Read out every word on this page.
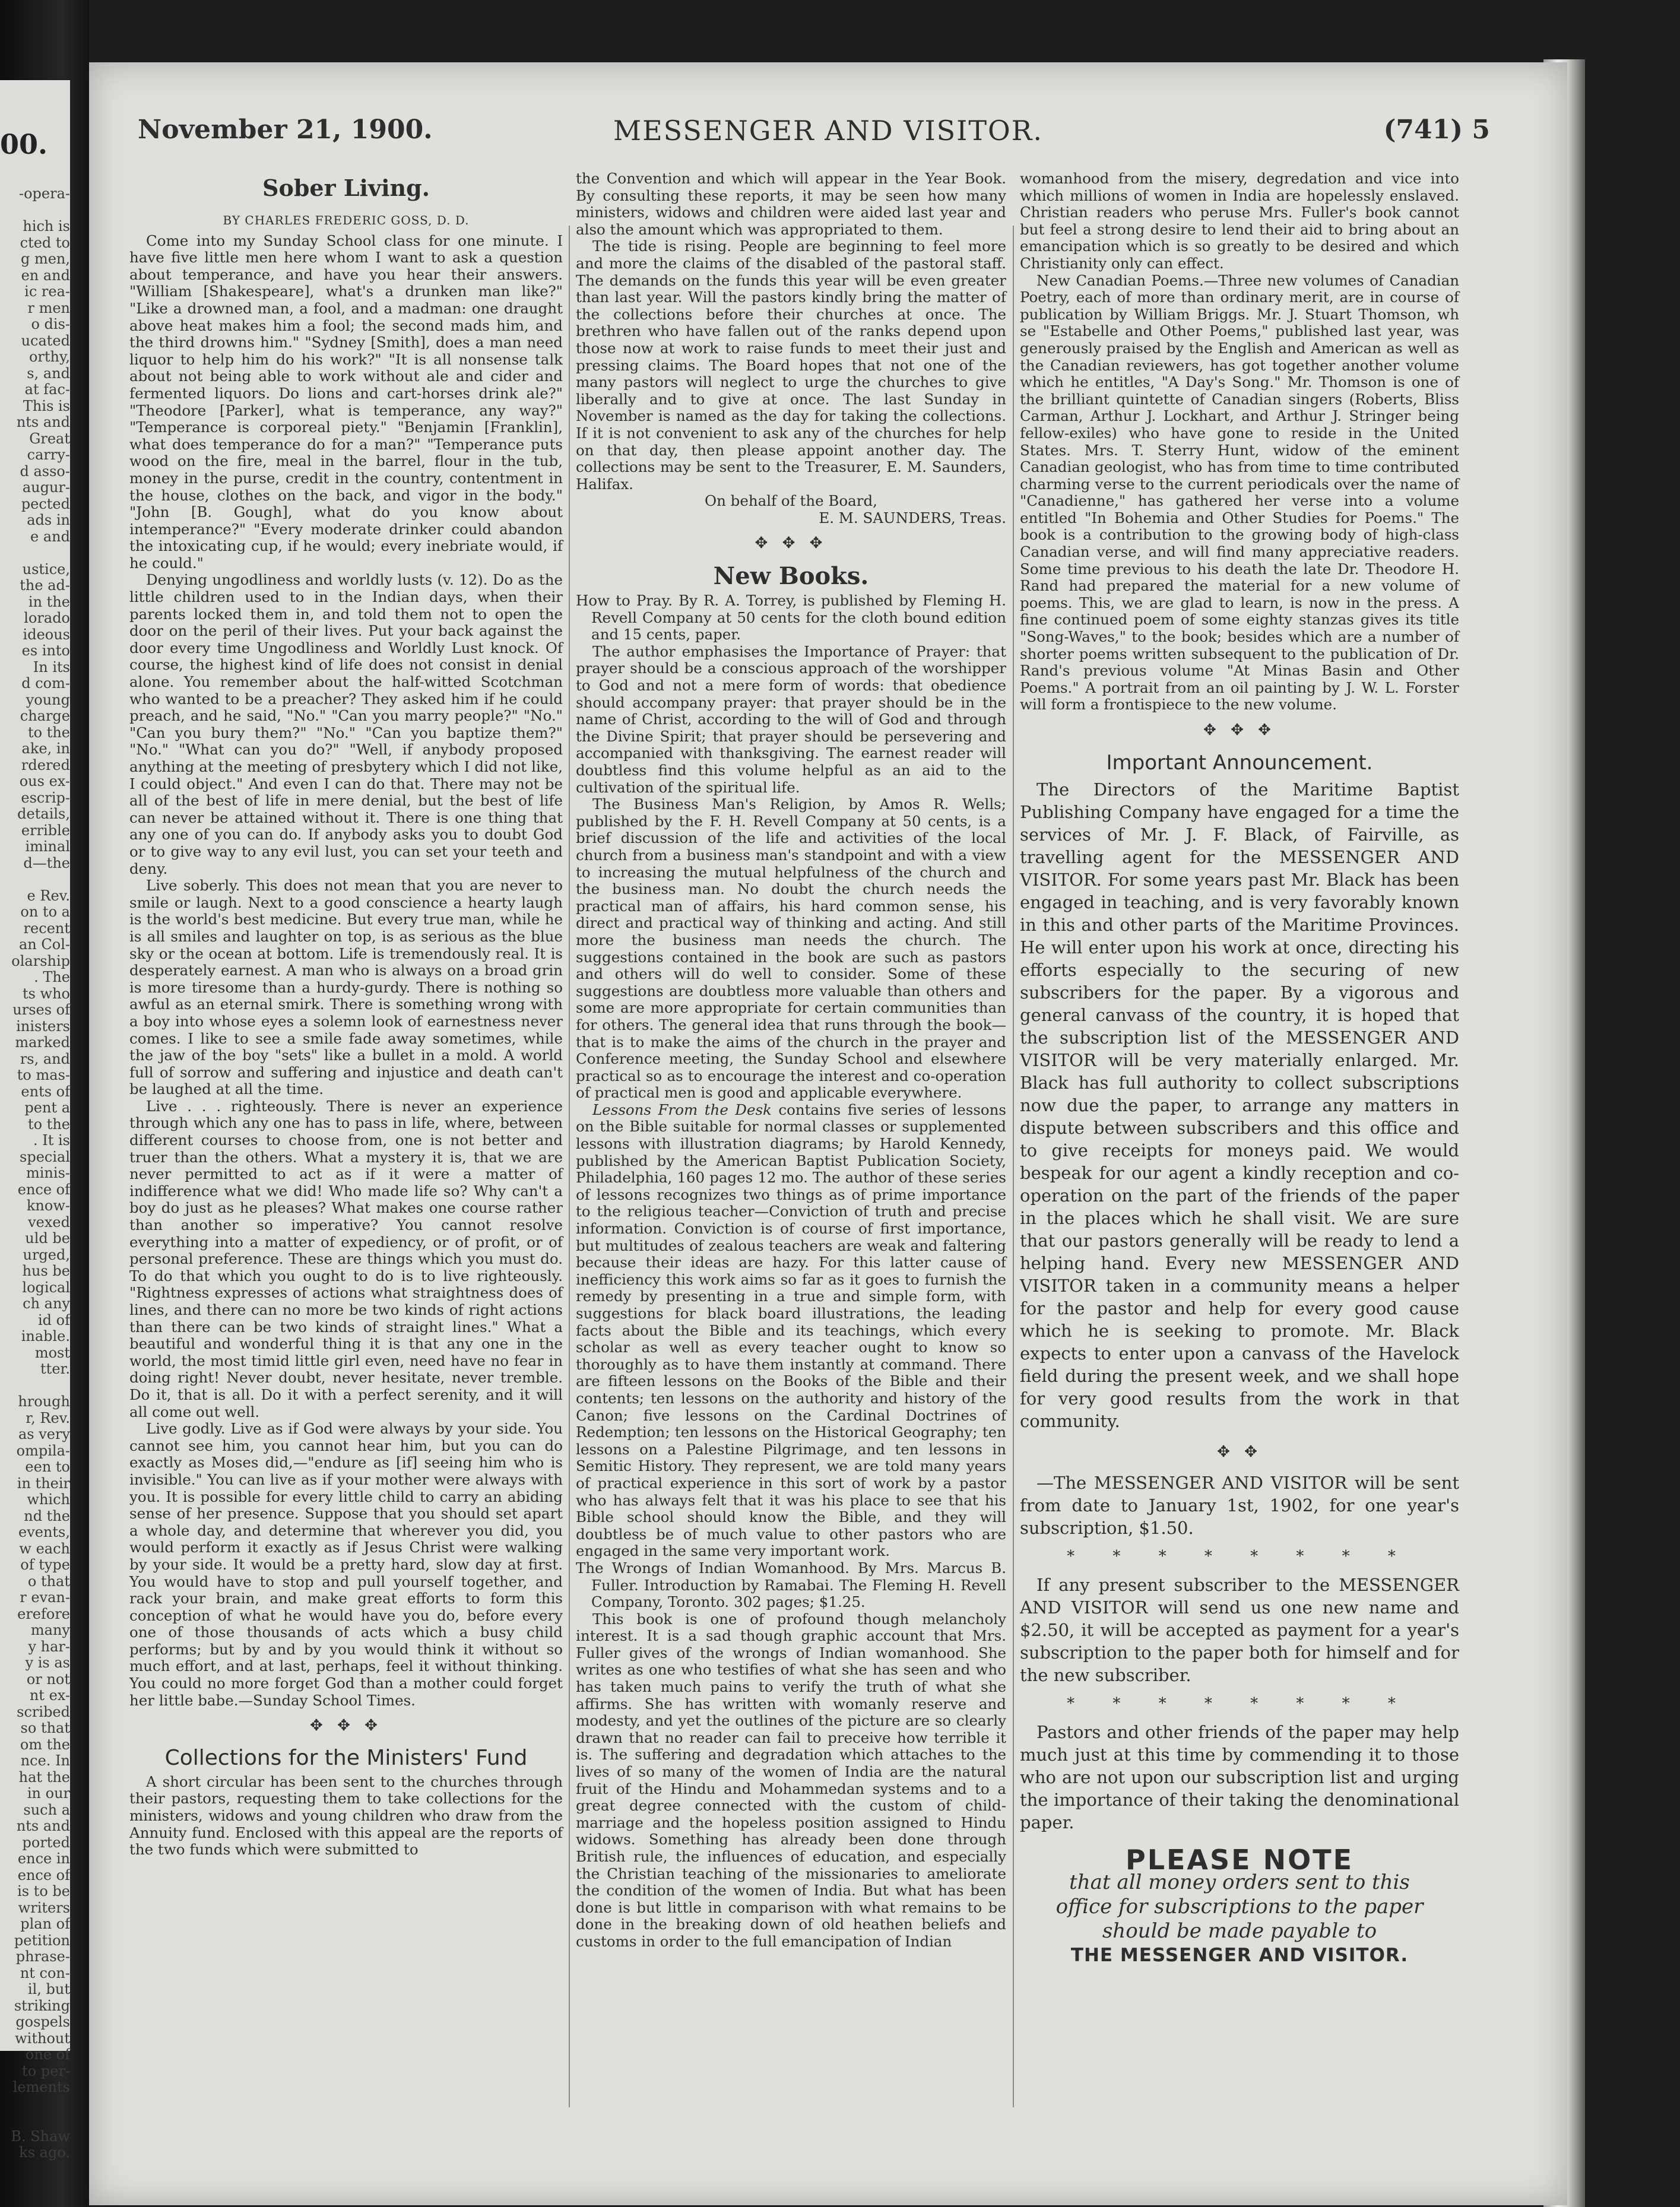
00.
-opera-

hich is
cted to
g men,
en and
ic rea-
r men
o dis-
ucated
orthy,
s, and
at fac-
This is
nts and
Great
carry-
d asso-
augur-
pected
ads in
e and

ustice,
the ad-
in the
lorado
ideous
es into
In its
d com-
young
charge
to the
ake, in
rdered
ous ex-
escrip-
details,
errible
iminal
d—the

e Rev.
on to a
recent
an Col-
olarship
. The
ts who
urses of
inisters
marked
rs, and
to mas-
ents of
pent a
to the
. It is
special
minis-
ence of
know-
vexed
uld be
urged,
hus be
logical
ch any
id of
inable.
most
tter.

hrough
r, Rev.
as very
ompila-
een to
in their
which
nd the
events,
w each
of type
o that
r evan-
erefore
many
y har-
y is as
or not
nt ex-
scribed
so that
om the
nce. In
hat the
in our
such a
nts and
ported
ence in
ence of
is to be
writers
plan of
petition
phrase-
nt con-
il, but
striking
gospels
without
one of
to per-
lements

B. Shaw
ks ago.
November 21, 1900.	MESSENGER AND VISITOR.	(741) 5
Sober Living.
BY CHARLES FREDERIC GOSS, D. D.

Come into my Sunday School class for one minute. I have five little men here whom I want to ask a question about temperance, and have you hear their answers. "William [Shakespeare], what's a drunken man like?" "Like a drowned man, a fool, and a madman: one draught above heat makes him a fool; the second mads him, and the third drowns him." "Sydney [Smith], does a man need liquor to help him do his work?" "It is all nonsense talk about not being able to work without ale and cider and fermented liquors. Do lions and cart-horses drink ale?" "Theodore [Parker], what is temperance, any way?" "Temperance is corporeal piety." "Benjamin [Franklin], what does temperance do for a man?" "Temperance puts wood on the fire, meal in the barrel, flour in the tub, money in the purse, credit in the country, contentment in the house, clothes on the back, and vigor in the body." "John [B. Gough], what do you know about intemperance?" "Every moderate drinker could abandon the intoxicating cup, if he would; every inebriate would, if he could."

Denying ungodliness and worldly lusts (v. 12). Do as the little children used to in the Indian days, when their parents locked them in, and told them not to open the door on the peril of their lives. Put your back against the door every time Ungodliness and Worldly Lust knock. Of course, the highest kind of life does not consist in denial alone. You remember about the half-witted Scotchman who wanted to be a preacher? They asked him if he could preach, and he said, "No." "Can you marry people?" "No." "Can you bury them?" "No." "Can you baptize them?" "No." "What can you do?" "Well, if anybody proposed anything at the meeting of presbytery which I did not like, I could object." And even I can do that. There may not be all of the best of life in mere denial, but the best of life can never be attained without it. There is one thing that any one of you can do. If anybody asks you to doubt God or to give way to any evil lust, you can set your teeth and deny.

Live soberly. This does not mean that you are never to smile or laugh. Next to a good conscience a hearty laugh is the world's best medicine. But every true man, while he is all smiles and laughter on top, is as serious as the blue sky or the ocean at bottom. Life is tremendously real. It is desperately earnest. A man who is always on a broad grin is more tiresome than a hurdy-gurdy. There is nothing so awful as an eternal smirk. There is something wrong with a boy into whose eyes a solemn look of earnestness never comes. I like to see a smile fade away sometimes, while the jaw of the boy "sets" like a bullet in a mold. A world full of sorrow and suffering and injustice and death can't be laughed at all the time.

Live . . . righteously. There is never an experience through which any one has to pass in life, where, between different courses to choose from, one is not better and truer than the others. What a mystery it is, that we are never permitted to act as if it were a matter of indifference what we did! Who made life so? Why can't a boy do just as he pleases? What makes one course rather than another so imperative? You cannot resolve everything into a matter of expediency, or of profit, or of personal preference. These are things which you must do. To do that which you ought to do is to live righteously. "Rightness expresses of actions what straightness does of lines, and there can no more be two kinds of right actions than there can be two kinds of straight lines." What a beautiful and wonderful thing it is that any one in the world, the most timid little girl even, need have no fear in doing right! Never doubt, never hesitate, never tremble. Do it, that is all. Do it with a perfect serenity, and it will all come out well.

Live godly. Live as if God were always by your side. You cannot see him, you cannot hear him, but you can do exactly as Moses did,—"endure as [if] seeing him who is invisible." You can live as if your mother were always with you. It is possible for every little child to carry an abiding sense of her presence. Suppose that you should set apart a whole day, and determine that wherever you did, you would perform it exactly as if Jesus Christ were walking by your side. It would be a pretty hard, slow day at first. You would have to stop and pull yourself together, and rack your brain, and make great efforts to form this conception of what he would have you do, before every one of those thousands of acts which a busy child performs; but by and by you would think it without so much effort, and at last, perhaps, feel it without thinking. You could no more forget God than a mother could forget her little babe.—Sunday School Times.

✥ ✥ ✥
Collections for the Ministers' Fund

A short circular has been sent to the churches through their pastors, requesting them to take collections for the ministers, widows and young children who draw from the Annuity fund. Enclosed with this appeal are the reports of the two funds which were submitted to

the Convention and which will appear in the Year Book. By consulting these reports, it may be seen how many ministers, widows and children were aided last year and also the amount which was appropriated to them.

The tide is rising. People are beginning to feel more and more the claims of the disabled of the pastoral staff. The demands on the funds this year will be even greater than last year. Will the pastors kindly bring the matter of the collections before their churches at once. The brethren who have fallen out of the ranks depend upon those now at work to raise funds to meet their just and pressing claims. The Board hopes that not one of the many pastors will neglect to urge the churches to give liberally and to give at once. The last Sunday in November is named as the day for taking the collections. If it is not convenient to ask any of the churches for help on that day, then please appoint another day. The collections may be sent to the Treasurer, E. M. Saunders, Halifax.

On behalf of the Board,
E. M. SAUNDERS, Treas.
✥ ✥ ✥
New Books.

How to Pray. By R. A. Torrey, is published by Fleming H. Revell Company at 50 cents for the cloth bound edition and 15 cents, paper.

The author emphasises the Importance of Prayer: that prayer should be a conscious approach of the worshipper to God and not a mere form of words: that obedience should accompany prayer: that prayer should be in the name of Christ, according to the will of God and through the Divine Spirit; that prayer should be persevering and accompanied with thanksgiving. The earnest reader will doubtless find this volume helpful as an aid to the cultivation of the spiritual life.

The Business Man's Religion, by Amos R. Wells; published by the F. H. Revell Company at 50 cents, is a brief discussion of the life and activities of the local church from a business man's standpoint and with a view to increasing the mutual helpfulness of the church and the business man. No doubt the church needs the practical man of affairs, his hard common sense, his direct and practical way of thinking and acting. And still more the business man needs the church. The suggestions contained in the book are such as pastors and others will do well to consider. Some of these suggestions are doubtless more valuable than others and some are more appropriate for certain communities than for others. The general idea that runs through the book—that is to make the aims of the church in the prayer and Conference meeting, the Sunday School and elsewhere practical so as to encourage the interest and co-operation of practical men is good and applicable everywhere.

Lessons From the Desk contains five series of lessons on the Bible suitable for normal classes or supplemented lessons with illustration diagrams; by Harold Kennedy, published by the American Baptist Publication Society, Philadelphia, 160 pages 12 mo. The author of these series of lessons recognizes two things as of prime importance to the religious teacher—Conviction of truth and precise information. Conviction is of course of first importance, but multitudes of zealous teachers are weak and faltering because their ideas are hazy. For this latter cause of inefficiency this work aims so far as it goes to furnish the remedy by presenting in a true and simple form, with suggestions for black board illustrations, the leading facts about the Bible and its teachings, which every scholar as well as every teacher ought to know so thoroughly as to have them instantly at command. There are fifteen lessons on the Books of the Bible and their contents; ten lessons on the authority and history of the Canon; five lessons on the Cardinal Doctrines of Redemption; ten lessons on the Historical Geography; ten lessons on a Palestine Pilgrimage, and ten lessons in Semitic History. They represent, we are told many years of practical experience in this sort of work by a pastor who has always felt that it was his place to see that his Bible school should know the Bible, and they will doubtless be of much value to other pastors who are engaged in the same very important work.

The Wrongs of Indian Womanhood. By Mrs. Marcus B. Fuller. Introduction by Ramabai. The Fleming H. Revell Company, Toronto. 302 pages; $1.25.

This book is one of profound though melancholy interest. It is a sad though graphic account that Mrs. Fuller gives of the wrongs of Indian womanhood. She writes as one who testifies of what she has seen and who has taken much pains to verify the truth of what she affirms. She has written with womanly reserve and modesty, and yet the outlines of the picture are so clearly drawn that no reader can fail to preceive how terrible it is. The suffering and degradation which attaches to the lives of so many of the women of India are the natural fruit of the Hindu and Mohammedan systems and to a great degree connected with the custom of child-marriage and the hopeless position assigned to Hindu widows. Something has already been done through British rule, the influences of education, and especially the Christian teaching of the missionaries to ameliorate the condition of the women of India. But what has been done is but little in comparison with what remains to be done in the breaking down of old heathen beliefs and customs in order to the full emancipation of Indian

womanhood from the misery, degredation and vice into which millions of women in India are hopelessly enslaved. Christian readers who peruse Mrs. Fuller's book cannot but feel a strong desire to lend their aid to bring about an emancipation which is so greatly to be desired and which Christianity only can effect.

New Canadian Poems.—Three new volumes of Canadian Poetry, each of more than ordinary merit, are in course of publication by William Briggs. Mr. J. Stuart Thomson, wh se "Estabelle and Other Poems," published last year, was generously praised by the English and American as well as the Canadian reviewers, has got together another volume which he entitles, "A Day's Song." Mr. Thomson is one of the brilliant quintette of Canadian singers (Roberts, Bliss Carman, Arthur J. Lockhart, and Arthur J. Stringer being fellow-exiles) who have gone to reside in the United States. Mrs. T. Sterry Hunt, widow of the eminent Canadian geologist, who has from time to time contributed charming verse to the current periodicals over the name of "Canadienne," has gathered her verse into a volume entitled "In Bohemia and Other Studies for Poems." The book is a contribution to the growing body of high-class Canadian verse, and will find many appreciative readers. Some time previous to his death the late Dr. Theodore H. Rand had prepared the material for a new volume of poems. This, we are glad to learn, is now in the press. A fine continued poem of some eighty stanzas gives its title "Song-Waves," to the book; besides which are a number of shorter poems written subsequent to the publication of Dr. Rand's previous volume "At Minas Basin and Other Poems." A portrait from an oil painting by J. W. L. Forster will form a frontispiece to the new volume.

✥ ✥ ✥
Important Announcement.

The Directors of the Maritime Baptist Publishing Company have engaged for a time the services of Mr. J. F. Black, of Fairville, as travelling agent for the MESSENGER AND VISITOR. For some years past Mr. Black has been engaged in teaching, and is very favorably known in this and other parts of the Maritime Provinces. He will enter upon his work at once, directing his efforts especially to the securing of new subscribers for the paper. By a vigorous and general canvass of the country, it is hoped that the subscription list of the MESSENGER AND VISITOR will be very materially enlarged. Mr. Black has full authority to collect subscriptions now due the paper, to arrange any matters in dispute between subscribers and this office and to give receipts for moneys paid. We would bespeak for our agent a kindly reception and co-operation on the part of the friends of the paper in the places which he shall visit. We are sure that our pastors generally will be ready to lend a helping hand. Every new MESSENGER AND VISITOR taken in a community means a helper for the pastor and help for every good cause which he is seeking to promote. Mr. Black expects to enter upon a canvass of the Havelock field during the present week, and we shall hope for very good results from the work in that community.

✥ ✥

—The MESSENGER AND VISITOR will be sent from date to January 1st, 1902, for one year's subscription, $1.50.

* * * * * * * *

If any present subscriber to the MESSENGER AND VISITOR will send us one new name and $2.50, it will be accepted as payment for a year's subscription to the paper both for himself and for the new subscriber.

* * * * * * * *

Pastors and other friends of the paper may help much just at this time by commending it to those who are not upon our subscription list and urging the importance of their taking the denominational paper.

PLEASE NOTE
that all money orders sent to this
office for subscriptions to the paper
should be made payable to
THE MESSENGER AND VISITOR.
